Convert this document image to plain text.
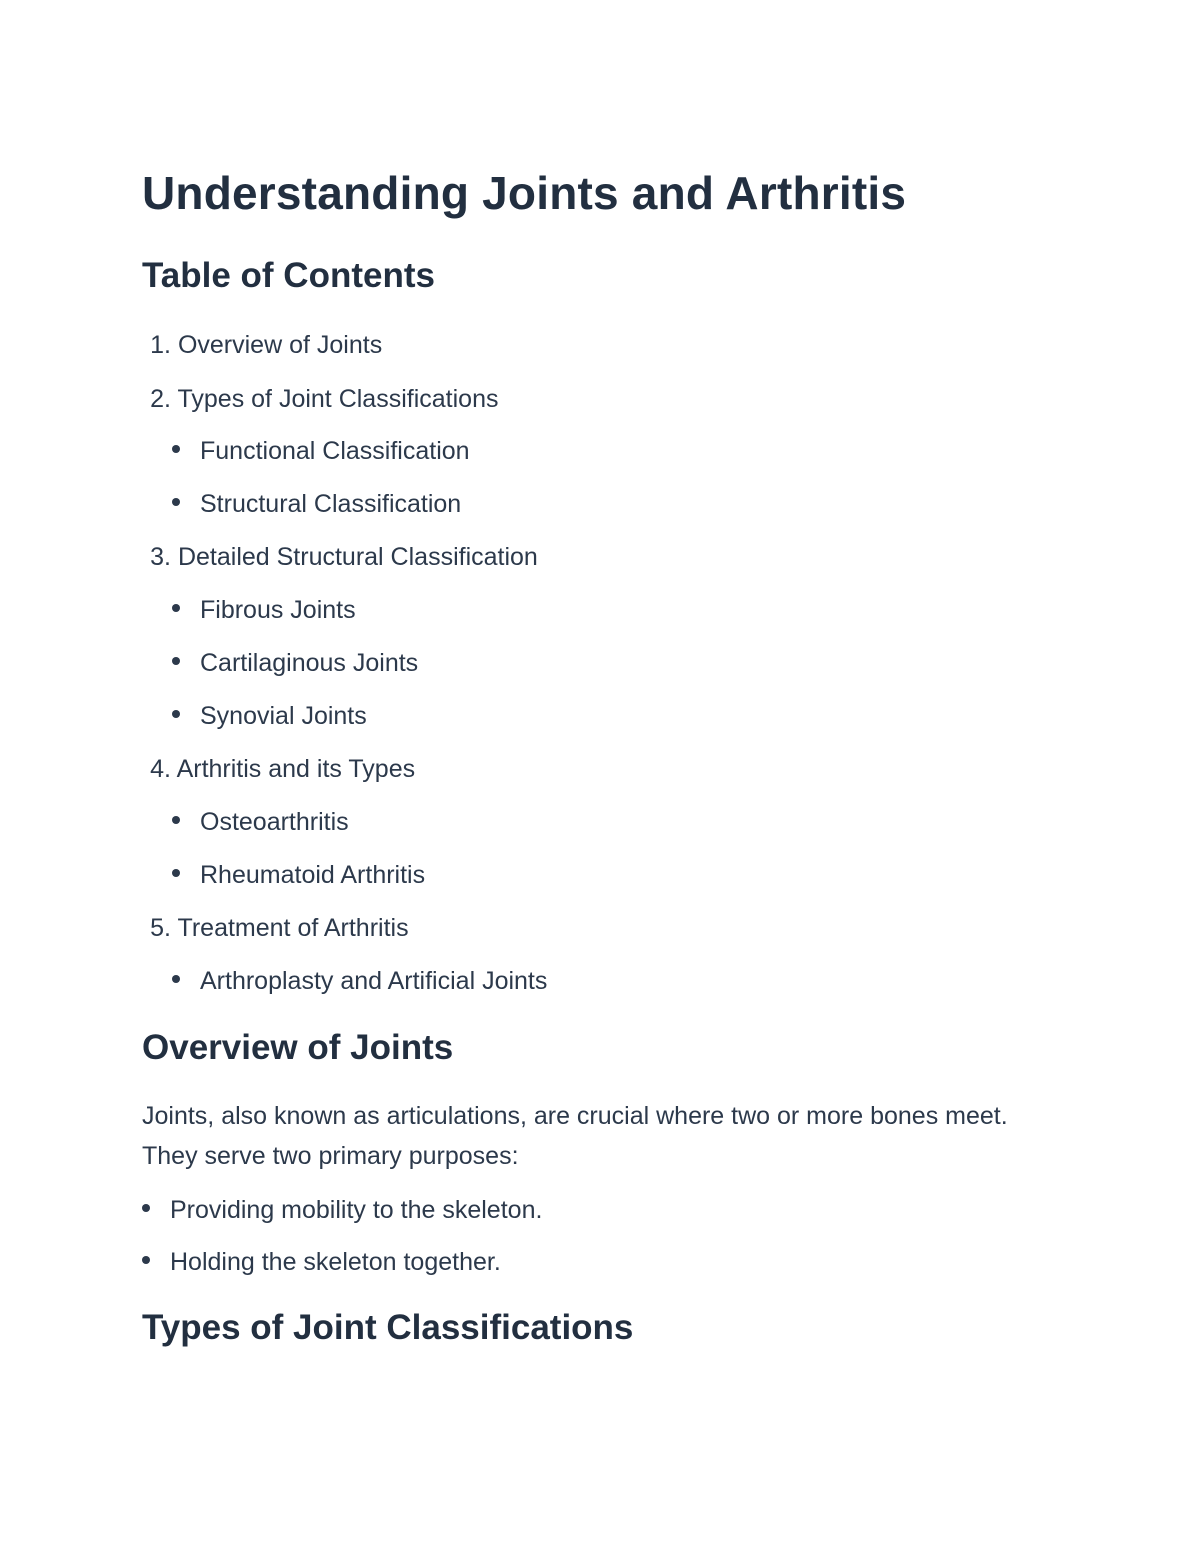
Understanding Joints and Arthritis
Table of Contents
1. Overview of Joints
2. Types of Joint Classifications
Functional Classification
Structural Classification
3. Detailed Structural Classification
Fibrous Joints
Cartilaginous Joints
Synovial Joints
4. Arthritis and its Types
Osteoarthritis
Rheumatoid Arthritis
5. Treatment of Arthritis
Arthroplasty and Artificial Joints
Overview of Joints

Joints, also known as articulations, are crucial where two or more bones meet. They serve two primary purposes:

Providing mobility to the skeleton.
Holding the skeleton together.
Types of Joint Classifications
